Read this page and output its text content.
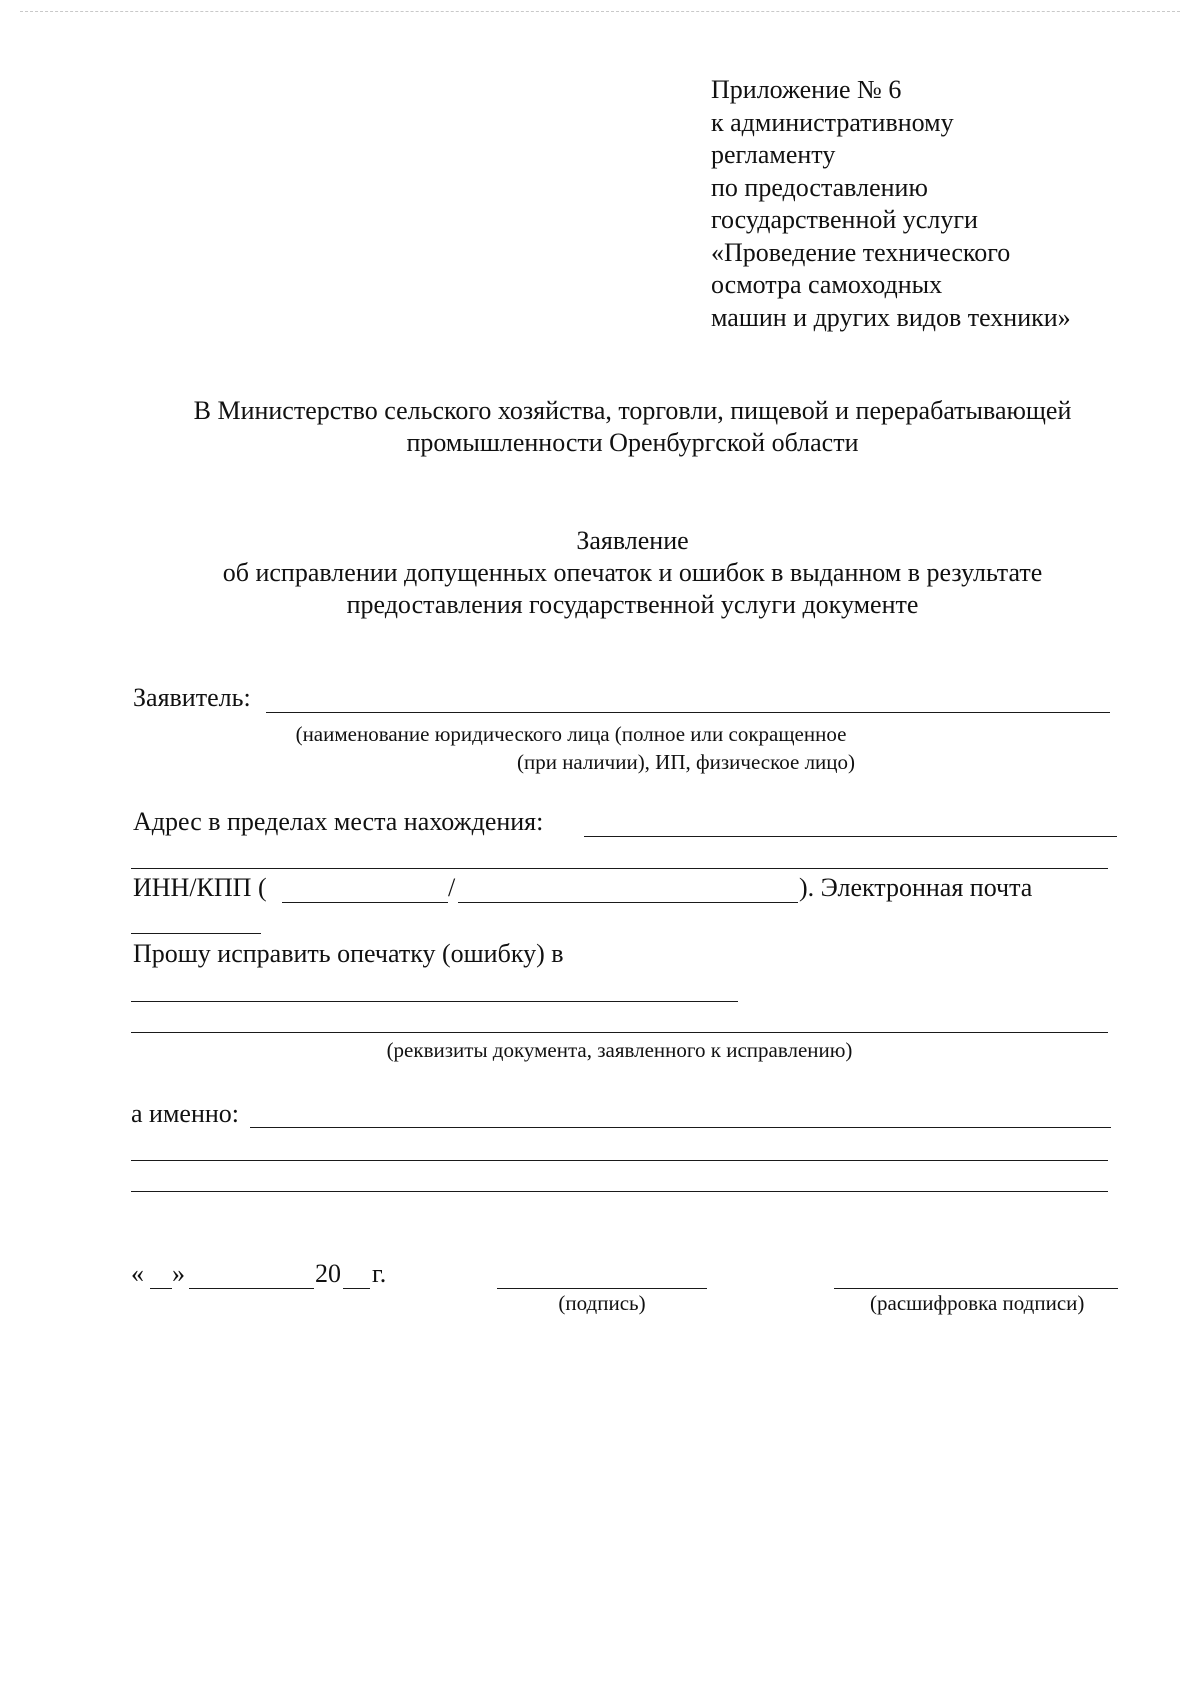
Приложение № 6
к административному
регламенту
по предоставлению
государственной услуги
«Проведение технического
осмотра самоходных
машин и других видов техники»
В Министерство сельского хозяйства, торговли, пищевой и перерабатывающей
промышленности Оренбургской области
Заявление
об исправлении допущенных опечаток и ошибок в выданном в результате
предоставления государственной услуги документе
Заявитель:
(наименование юридического лица (полное или сокращенное
(при наличии), ИП, физическое лицо)
Адрес в пределах места нахождения:
ИНН/КПП (	/	). Электронная почта
Прошу исправить опечатку (ошибку) в
(реквизиты документа, заявленного к исправлению)
а именно:
« »	20 г.
(подпись)	(расшифровка подписи)
